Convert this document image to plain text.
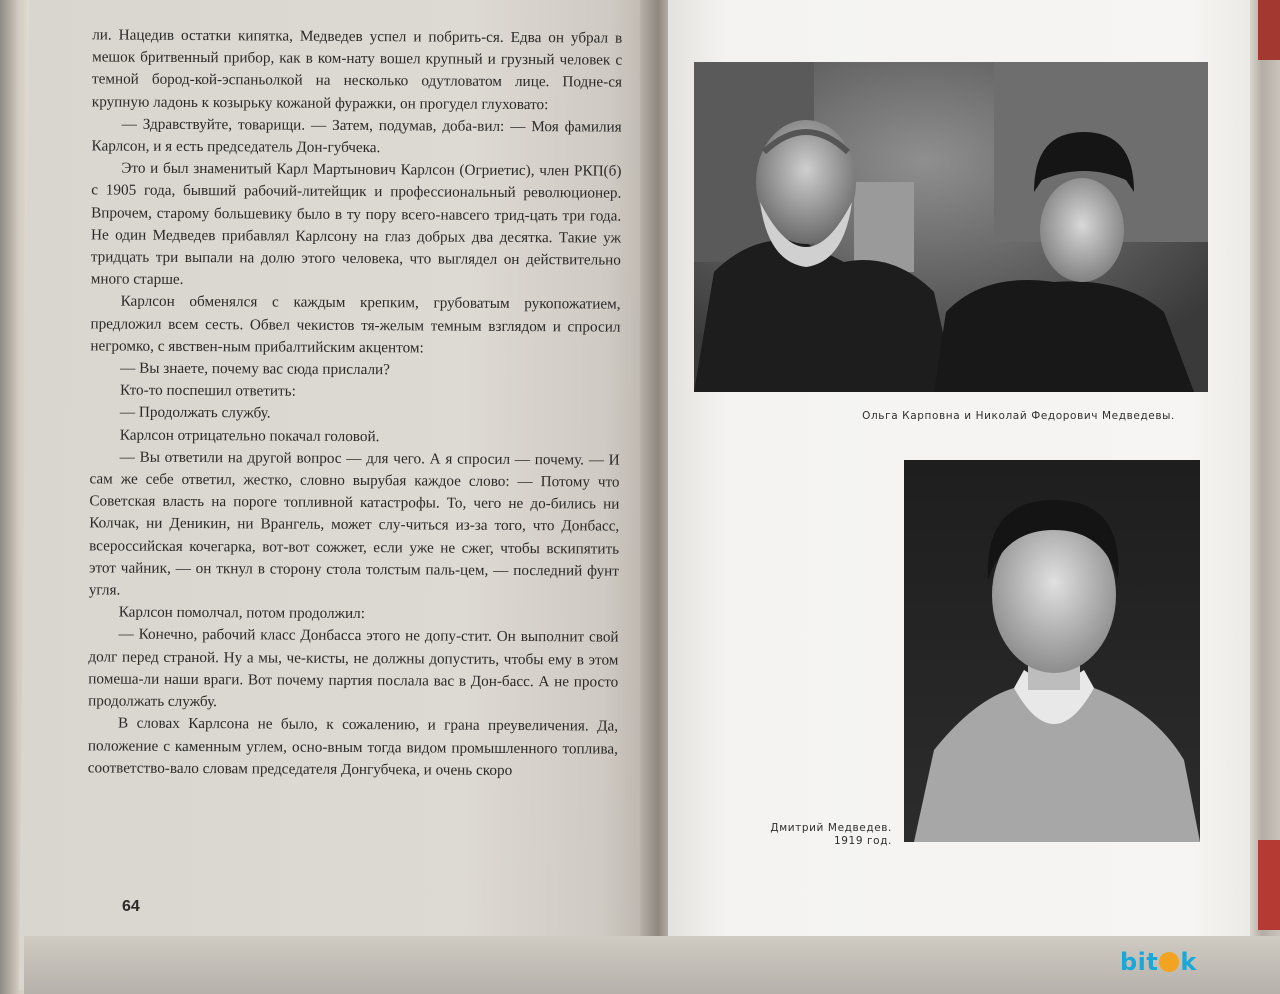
ли. Нацедив остатки кипятка, Медведев успел и побрить-ся. Едва он убрал в мешок бритвенный прибор, как в ком-нату вошел крупный и грузный человек с темной бород-кой-эспаньолкой на несколько одутловатом лице. Подне-ся крупную ладонь к козырьку кожаной фуражки, он прогудел глуховато:

— Здравствуйте, товарищи. — Затем, подумав, доба-вил: — Моя фамилия Карлсон, и я есть председатель Дон-губчека.

Это и был знаменитый Карл Мартынович Карлсон (Огриетис), член РКП(б) с 1905 года, бывший рабочий-литейщик и профессиональный революционер. Впрочем, старому большевику было в ту пору всего-навсего трид-цать три года. Не один Медведев прибавлял Карлсону на глаз добрых два десятка. Такие уж тридцать три выпали на долю этого человека, что выглядел он действительно много старше.

Карлсон обменялся с каждым крепким, грубоватым рукопожатием, предложил всем сесть. Обвел чекистов тя-желым темным взглядом и спросил негромко, с явствен-ным прибалтийским акцентом:

— Вы знаете, почему вас сюда прислали?

Кто-то поспешил ответить:

— Продолжать службу.

Карлсон отрицательно покачал головой.

— Вы ответили на другой вопрос — для чего. А я спросил — почему. — И сам же себе ответил, жестко, словно вырубая каждое слово: — Потому что Советская власть на пороге топливной катастрофы. То, чего не до-бились ни Колчак, ни Деникин, ни Врангель, может слу-читься из-за того, что Донбасс, всероссийская кочегарка, вот-вот сожжет, если уже не сжег, чтобы вскипятить этот чайник, — он ткнул в сторону стола толстым паль-цем, — последний фунт угля.

Карлсон помолчал, потом продолжил:

— Конечно, рабочий класс Донбасса этого не допу-стит. Он выполнит свой долг перед страной. Ну а мы, че-кисты, не должны допустить, чтобы ему в этом помеша-ли наши враги. Вот почему партия послала вас в Дон-басс. А не просто продолжать службу.

В словах Карлсона не было, к сожалению, и грана преувеличения. Да, положение с каменным углем, осно-вным тогда видом промышленного топлива, соответство-вало словам председателя Донгубчека, и очень скоро

64
Ольга Карповна и Николай Федорович Медведевы.
Дмитрий Медведев.
1919 год.
bit k
